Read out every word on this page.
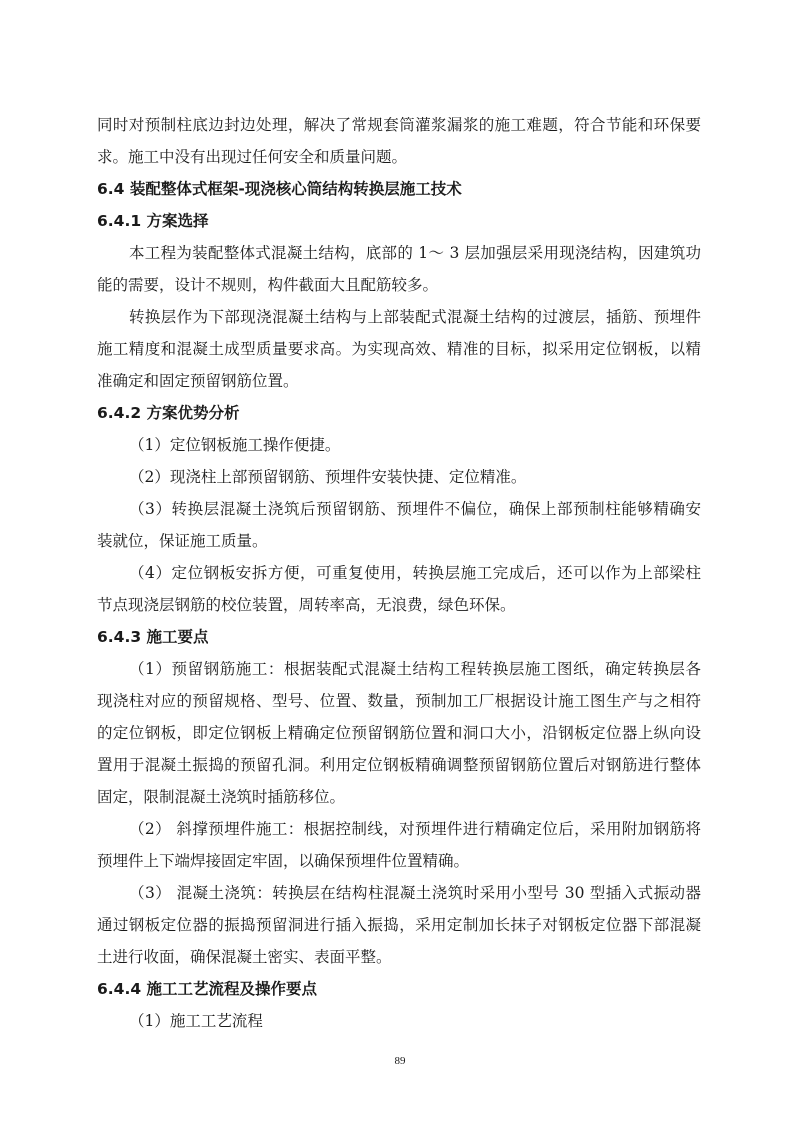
同时对预制柱底边封边处理，解决了常规套筒灌浆漏浆的施工难题，符合节能和环保要
求。施工中没有出现过任何安全和质量问题。
6.4 装配整体式框架-现浇核心筒结构转换层施工技术
6.4.1 方案选择
本工程为装配整体式混凝土结构，底部的 1～ 3 层加强层采用现浇结构，因建筑功
能的需要，设计不规则，构件截面大且配筋较多。
转换层作为下部现浇混凝土结构与上部装配式混凝土结构的过渡层，插筋、预埋件
施工精度和混凝土成型质量要求高。为实现高效、精准的目标，拟采用定位钢板，以精
准确定和固定预留钢筋位置。
6.4.2 方案优势分析
（1）定位钢板施工操作便捷。
（2）现浇柱上部预留钢筋、预埋件安装快捷、定位精准。
（3）转换层混凝土浇筑后预留钢筋、预埋件不偏位，确保上部预制柱能够精确安
装就位，保证施工质量。
（4）定位钢板安拆方便，可重复使用，转换层施工完成后，还可以作为上部梁柱
节点现浇层钢筋的校位装置，周转率高，无浪费，绿色环保。
6.4.3 施工要点
（1）预留钢筋施工：根据装配式混凝土结构工程转换层施工图纸，确定转换层各
现浇柱对应的预留规格、型号、位置、数量，预制加工厂根据设计施工图生产与之相符
的定位钢板，即定位钢板上精确定位预留钢筋位置和洞口大小，沿钢板定位器上纵向设
置用于混凝土振捣的预留孔洞。利用定位钢板精确调整预留钢筋位置后对钢筋进行整体
固定，限制混凝土浇筑时插筋移位。
（2） 斜撑预埋件施工：根据控制线，对预埋件进行精确定位后，采用附加钢筋将
预埋件上下端焊接固定牢固，以确保预埋件位置精确。
（3） 混凝土浇筑：转换层在结构柱混凝土浇筑时采用小型号 30 型插入式振动器
通过钢板定位器的振捣预留洞进行插入振捣，采用定制加长抹子对钢板定位器下部混凝
土进行收面，确保混凝土密实、表面平整。
6.4.4 施工工艺流程及操作要点
（1）施工工艺流程
89
